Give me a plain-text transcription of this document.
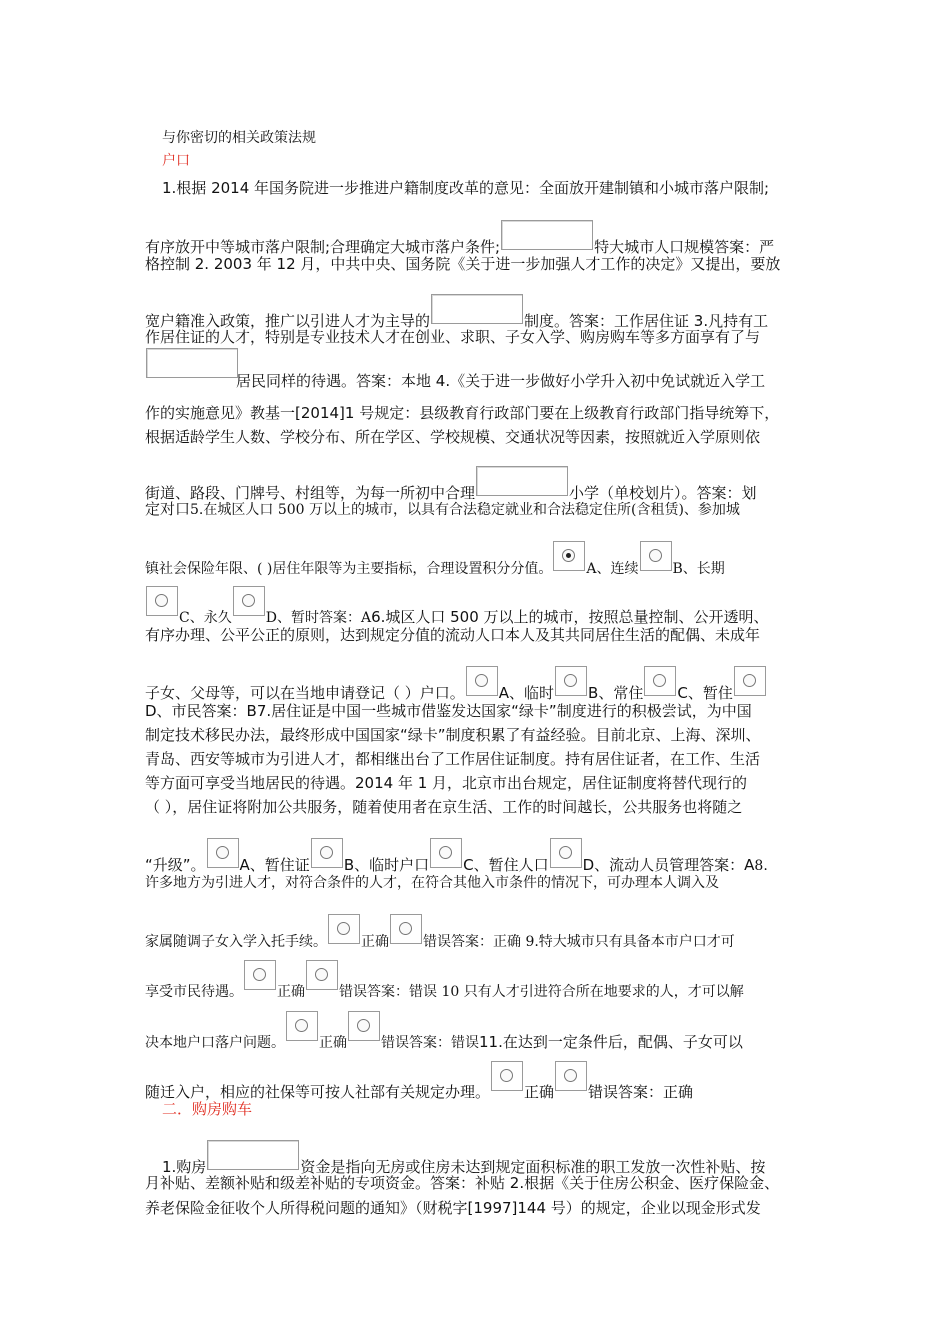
与你密切的相关政策法规
户口
1.根据 2014 年国务院进一步推进户籍制度改革的意见：全面放开建制镇和小城市落户限制;
有序放开中等城市落户限制;合理确定大城市落户条件;	特大城市人口规模答案：严
格控制 2. 2003 年 12 月，中共中央、国务院《关于进一步加强人才工作的决定》又提出，要放
宽户籍准入政策，推广以引进人才为主导的	制度。答案：工作居住证 3.凡持有工
作居住证的人才，特别是专业技术人才在创业、求职、子女入学、购房购车等多方面享有了与
居民同样的待遇。答案：本地 4.《关于进一步做好小学升入初中免试就近入学工
作的实施意见》教基一[2014]1 号规定：县级教育行政部门要在上级教育行政部门指导统筹下，
根据适龄学生人数、学校分布、所在学区、学校规模、交通状况等因素，按照就近入学原则依
街道、路段、门牌号、村组等，为每一所初中合理	小学（单校划片）。答案：划
定对口5.在城区人口 500 万以上的城市，以具有合法稳定就业和合法稳定住所(含租赁)、参加城
镇社会保险年限、( )居住年限等为主要指标，合理设置积分分值。 A、连续 B、长期
C、永久 D、暂时答案：A6.城区人口 500 万以上的城市，按照总量控制、公开透明、
有序办理、公平公正的原则，达到规定分值的流动人口本人及其共同居住生活的配偶、未成年
子女、父母等，可以在当地申请登记（ ）户口。 A、临时 B、常住 C、暂住
D、市民答案：B7.居住证是中国一些城市借鉴发达国家“绿卡”制度进行的积极尝试，为中国
制定技术移民办法，最终形成中国国家“绿卡”制度积累了有益经验。目前北京、上海、深圳、
青岛、西安等城市为引进人才，都相继出台了工作居住证制度。持有居住证者，在工作、生活
等方面可享受当地居民的待遇。2014 年 1 月，北京市出台规定，居住证制度将替代现行的
（ ），居住证将附加公共服务，随着使用者在京生活、工作的时间越长，公共服务也将随之
“升级”。 A、暂住证 B、临时户口 C、暂住人口 D、流动人员管理答案：A8.
许多地方为引进人才，对符合条件的人才，在符合其他入市条件的情况下，可办理本人调入及
家属随调子女入学入托手续。 正确 错误答案：正确 9.特大城市只有具备本市户口才可
享受市民待遇。 正确 错误答案：错误 10 只有人才引进符合所在地要求的人，才可以解
决本地户口落户问题。 正确 错误答案：错误11.在达到一定条件后，配偶、子女可以
随迁入户，相应的社保等可按人社部有关规定办理。 正确 错误答案：正确
二．购房购车
1.购房	资金是指向无房或住房未达到规定面积标准的职工发放一次性补贴、按
月补贴、差额补贴和级差补贴的专项资金。答案：补贴 2.根据《关于住房公积金、医疗保险金、
养老保险金征收个人所得税问题的通知》（财税字[1997]144 号）的规定，企业以现金形式发
